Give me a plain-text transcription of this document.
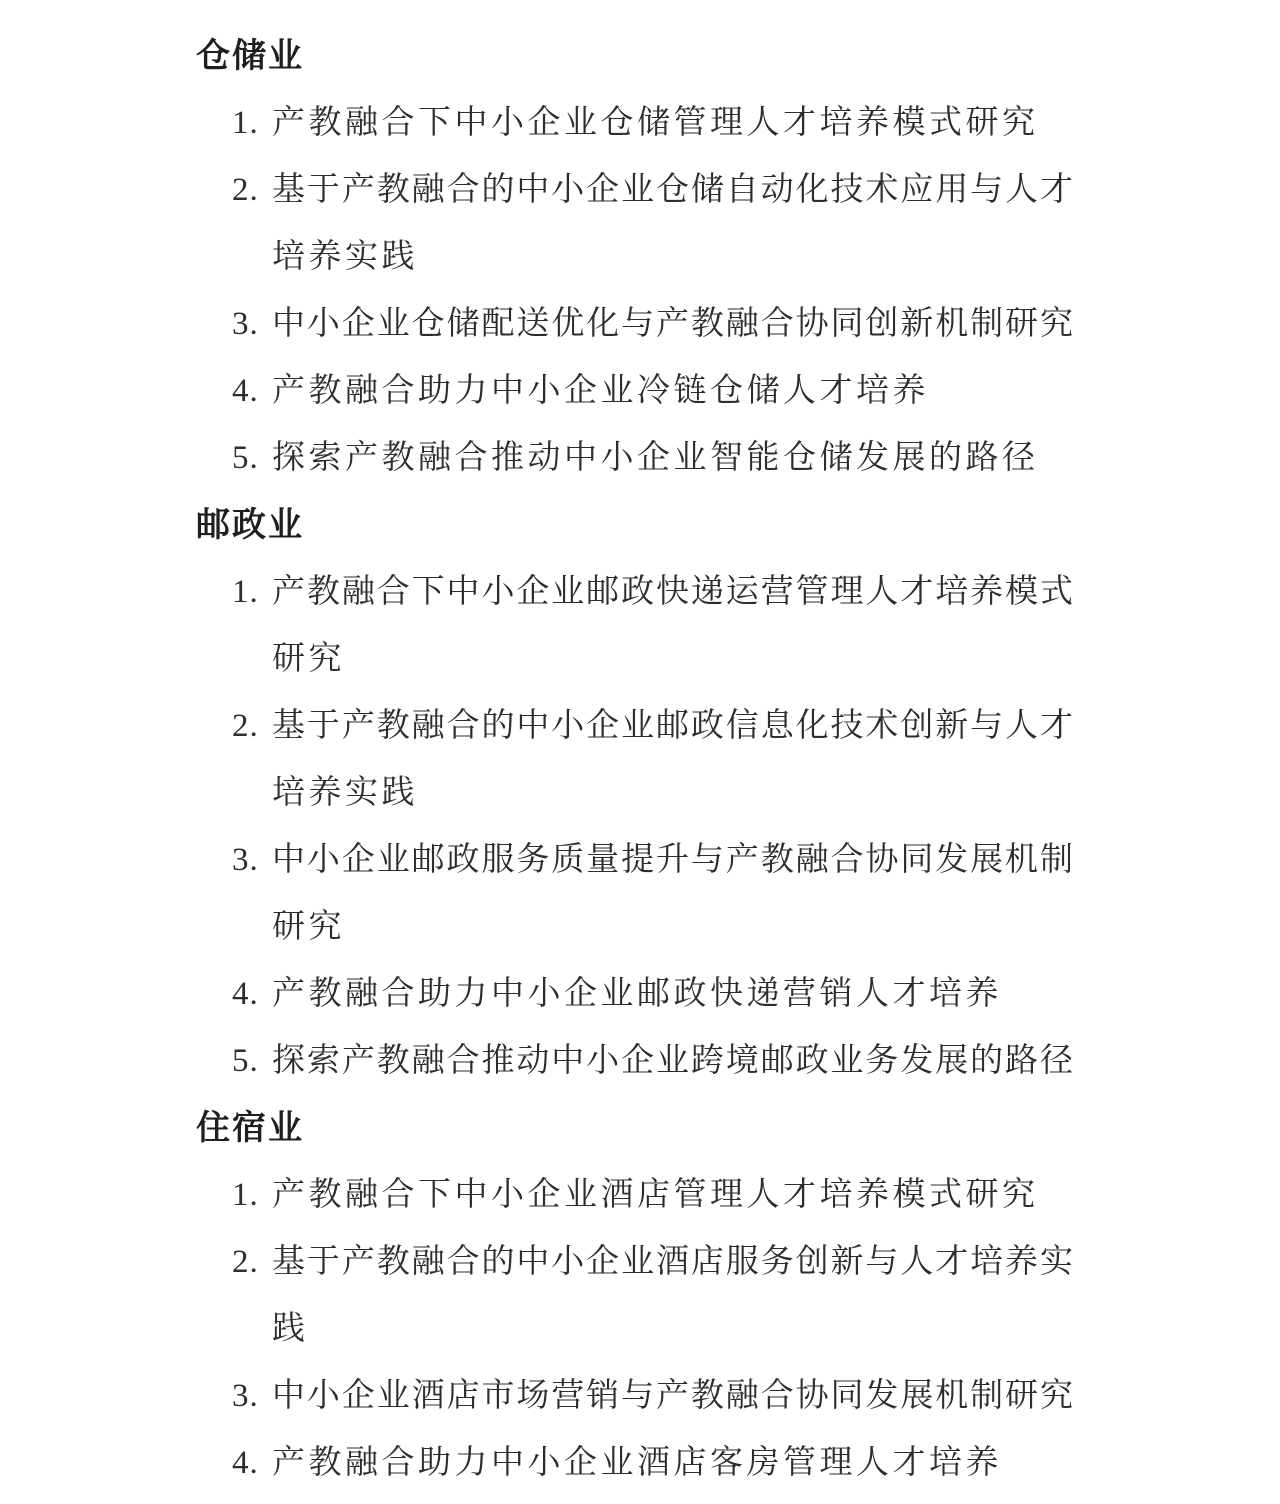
仓储业
1. 产教融合下中小企业仓储管理人才培养模式研究
2. 基 于 产 教 融 合 的 中 小 企 业 仓 储 自 动 化 技 术 应 用 与 人 才
培养实践
3. 中 小 企 业 仓 储 配 送 优 化 与 产 教 融 合 协 同 创 新 机 制 研 究
4. 产教融合助力中小企业冷链仓储人才培养
5. 探索产教融合推动中小企业智能仓储发展的路径
邮政业
1. 产 教 融 合 下 中 小 企 业 邮 政 快 递 运 营 管 理 人 才 培 养 模 式
研究
2. 基 于 产 教 融 合 的 中 小 企 业 邮 政 信 息 化 技 术 创 新 与 人 才
培养实践
3. 中 小 企 业 邮 政 服 务 质 量 提 升 与 产 教 融 合 协 同 发 展 机 制
研究
4. 产教融合助力中小企业邮政快递营销人才培养
5. 探 索 产 教 融 合 推 动 中 小 企 业 跨 境 邮 政 业 务 发 展 的 路 径
住宿业
1. 产教融合下中小企业酒店管理人才培养模式研究
2. 基 于 产 教 融 合 的 中 小 企 业 酒 店 服 务 创 新 与 人 才 培 养 实
践
3. 中 小 企 业 酒 店 市 场 营 销 与 产 教 融 合 协 同 发 展 机 制 研 究
4. 产教融合助力中小企业酒店客房管理人才培养
